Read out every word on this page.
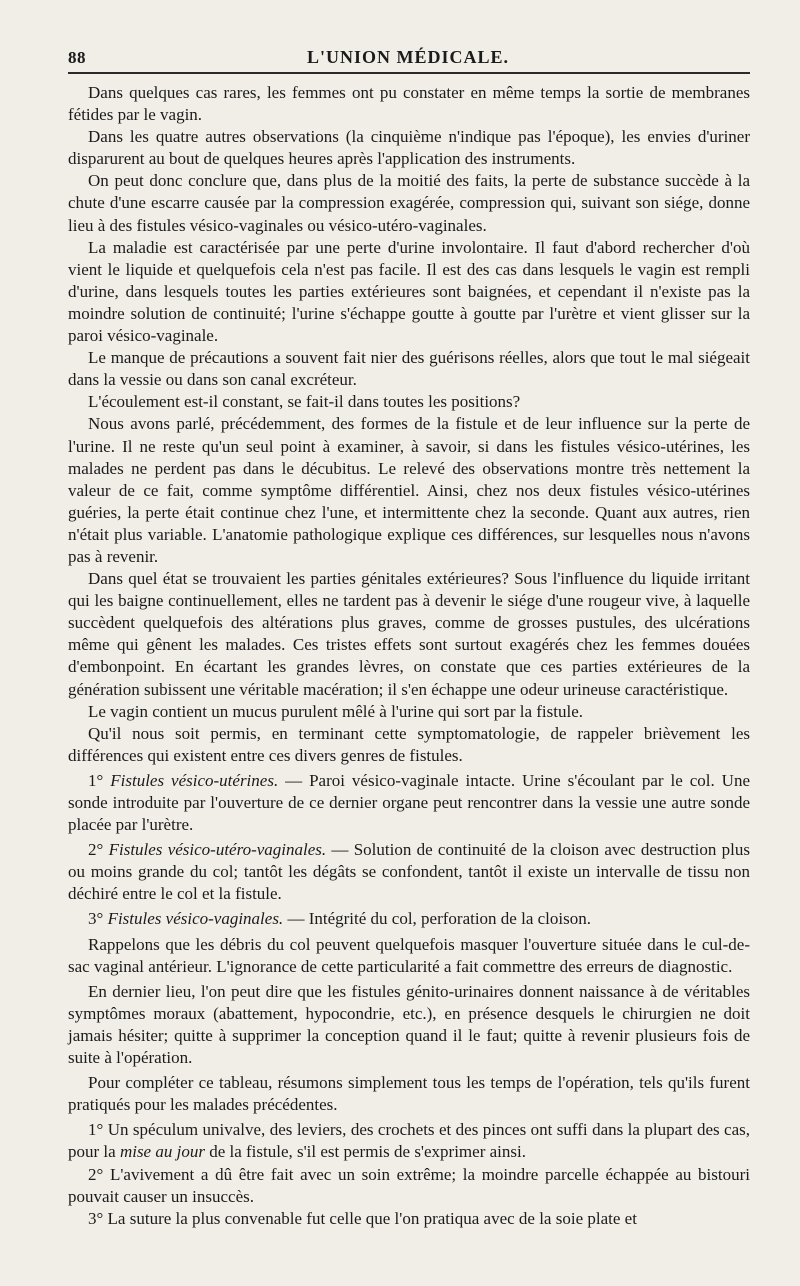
88	L'UNION MÉDICALE.

Dans quelques cas rares, les femmes ont pu constater en même temps la sortie de membranes fétides par le vagin.

Dans les quatre autres observations (la cinquième n'indique pas l'époque), les envies d'uriner disparurent au bout de quelques heures après l'application des instruments.

On peut donc conclure que, dans plus de la moitié des faits, la perte de substance succède à la chute d'une escarre causée par la compression exagérée, compression qui, suivant son siége, donne lieu à des fistules vésico-vaginales ou vésico-utéro-vaginales.

La maladie est caractérisée par une perte d'urine involontaire. Il faut d'abord rechercher d'où vient le liquide et quelquefois cela n'est pas facile. Il est des cas dans lesquels le vagin est rempli d'urine, dans lesquels toutes les parties extérieures sont baignées, et cependant il n'existe pas la moindre solution de continuité; l'urine s'échappe goutte à goutte par l'urètre et vient glisser sur la paroi vésico-vaginale.

Le manque de précautions a souvent fait nier des guérisons réelles, alors que tout le mal siégeait dans la vessie ou dans son canal excréteur.

L'écoulement est-il constant, se fait-il dans toutes les positions?

Nous avons parlé, précédemment, des formes de la fistule et de leur influence sur la perte de l'urine. Il ne reste qu'un seul point à examiner, à savoir, si dans les fistules vésico-utérines, les malades ne perdent pas dans le décubitus. Le relevé des observations montre très nettement la valeur de ce fait, comme symptôme différentiel. Ainsi, chez nos deux fistules vésico-utérines guéries, la perte était continue chez l'une, et intermittente chez la seconde. Quant aux autres, rien n'était plus variable. L'anatomie pathologique explique ces différences, sur lesquelles nous n'avons pas à revenir.

Dans quel état se trouvaient les parties génitales extérieures? Sous l'influence du liquide irritant qui les baigne continuellement, elles ne tardent pas à devenir le siége d'une rougeur vive, à laquelle succèdent quelquefois des altérations plus graves, comme de grosses pustules, des ulcérations même qui gênent les malades. Ces tristes effets sont surtout exagérés chez les femmes douées d'embonpoint. En écartant les grandes lèvres, on constate que ces parties extérieures de la génération subissent une véritable macération; il s'en échappe une odeur urineuse caractéristique.

Le vagin contient un mucus purulent mêlé à l'urine qui sort par la fistule.

Qu'il nous soit permis, en terminant cette symptomatologie, de rappeler brièvement les différences qui existent entre ces divers genres de fistules.

1° Fistules vésico-utérines. — Paroi vésico-vaginale intacte. Urine s'écoulant par le col. Une sonde introduite par l'ouverture de ce dernier organe peut rencontrer dans la vessie une autre sonde placée par l'urètre.

2° Fistules vésico-utéro-vaginales. — Solution de continuité de la cloison avec destruction plus ou moins grande du col; tantôt les dégâts se confondent, tantôt il existe un intervalle de tissu non déchiré entre le col et la fistule.

3° Fistules vésico-vaginales. — Intégrité du col, perforation de la cloison.

Rappelons que les débris du col peuvent quelquefois masquer l'ouverture située dans le cul-de-sac vaginal antérieur. L'ignorance de cette particularité a fait commettre des erreurs de diagnostic.

En dernier lieu, l'on peut dire que les fistules génito-urinaires donnent naissance à de véritables symptômes moraux (abattement, hypocondrie, etc.), en présence desquels le chirurgien ne doit jamais hésiter; quitte à supprimer la conception quand il le faut; quitte à revenir plusieurs fois de suite à l'opération.

Pour compléter ce tableau, résumons simplement tous les temps de l'opération, tels qu'ils furent pratiqués pour les malades précédentes.

1° Un spéculum univalve, des leviers, des crochets et des pinces ont suffi dans la plupart des cas, pour la mise au jour de la fistule, s'il est permis de s'exprimer ainsi.

2° L'avivement a dû être fait avec un soin extrême; la moindre parcelle échappée au bistouri pouvait causer un insuccès.

3° La suture la plus convenable fut celle que l'on pratiqua avec de la soie plate et
